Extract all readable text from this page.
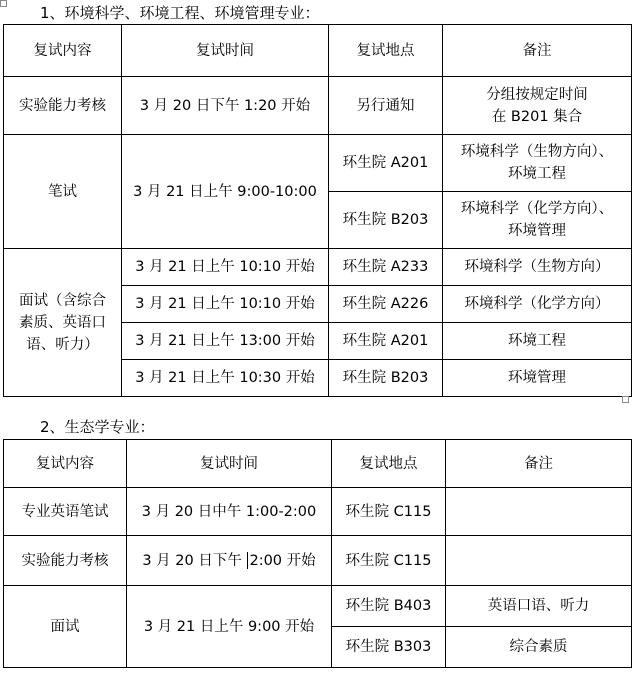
1、环境科学、环境工程、环境管理专业：
复试内容	复试时间	复试地点	备注
实验能力考核	3 月 20 日下午 1:20 开始	另行通知	分组按规定时间
在 B201 集合

笔试	3 月 21 日上午 9:00-10:00	环生院 A201	环境科学（生物方向）、
环境工程

		环生院 B203	环境科学（化学方向）、
环境管理

面试（含综合
素质、英语口
语、听力）	3 月 21 日上午 10:10 开始	环生院 A233	环境科学（生物方向）
	3 月 21 日上午 10:10 开始	环生院 A226	环境科学（化学方向）
	3 月 21 日上午 13:00 开始	环生院 A201	环境工程
	3 月 21 日上午 10:30 开始	环生院 B203	环境管理
2、生态学专业：
复试内容	复试时间	复试地点	备注
专业英语笔试	3 月 20 日中午 1:00-2:00	环生院 C115	
实验能力考核	3 月 20 日下午 2:00 开始	环生院 C115	
面试	3 月 21 日上午 9:00 开始	环生院 B403	英语口语、听力
		环生院 B303	综合素质
